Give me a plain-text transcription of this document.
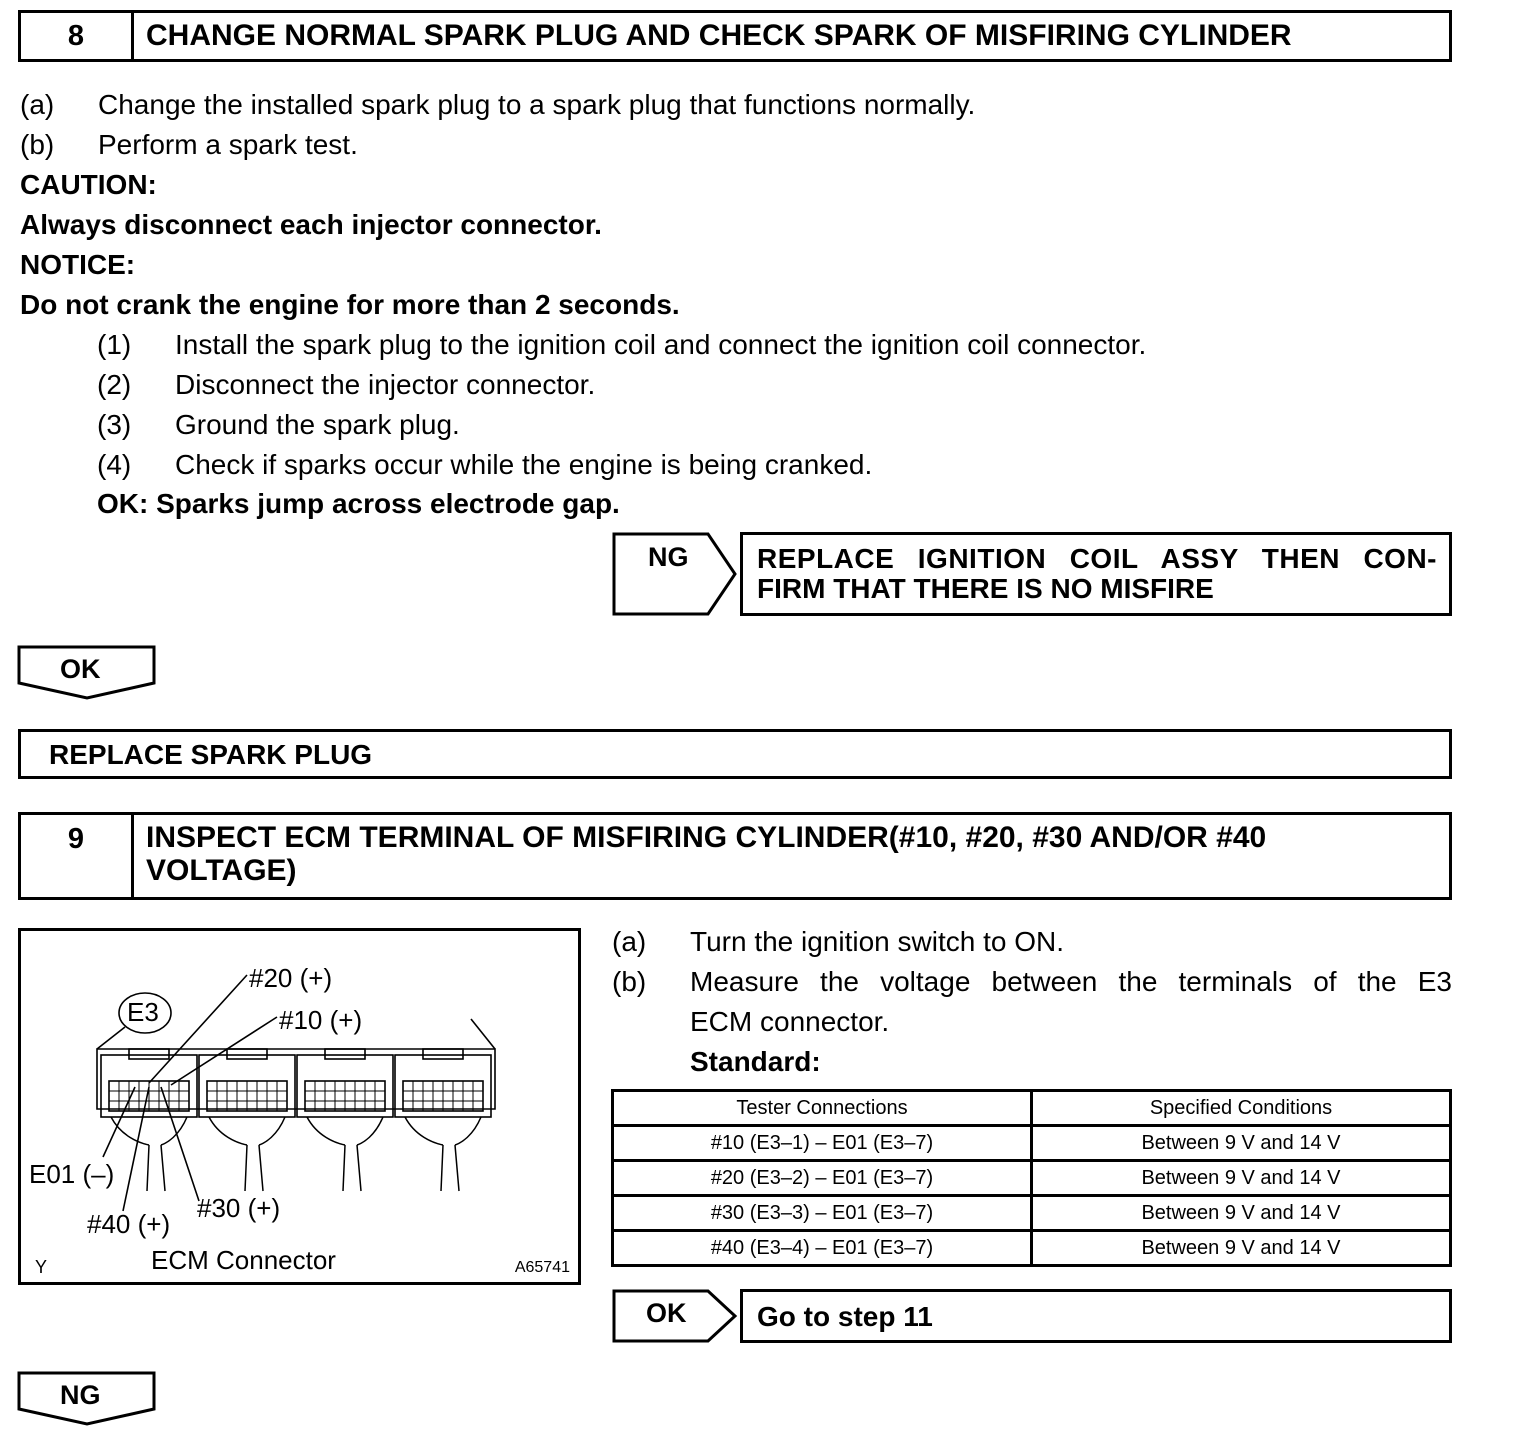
8	CHANGE NORMAL SPARK PLUG AND CHECK SPARK OF MISFIRING CYLINDER
(a) Change the installed spark plug to a spark plug that functions normally.
(b) Perform a spark test.
CAUTION:
Always disconnect each injector connector.
NOTICE:
Do not crank the engine for more than 2 seconds.
(1) Install the spark plug to the ignition coil and connect the ignition coil connector.
(2) Disconnect the injector connector.
(3) Ground the spark plug.
(4) Check if sparks occur while the engine is being cranked.
OK: Sparks jump across electrode gap.
NG REPLACE IGNITION COIL ASSY THEN CON-
FIRM THAT THERE IS NO MISFIRE
OK
REPLACE SPARK PLUG
9	INSPECT ECM TERMINAL OF MISFIRING CYLINDER(#10, #20, #30 AND/OR #40
VOLTAGE)
E3
#20 (+)
#10 (+)
E01 (–)
#40 (+)
#30 (+)
ECM Connector
Y	A65741
(a) Turn the ignition switch to ON.
(b) Measure the voltage between the terminals of the E3
ECM connector.
Standard:
Tester Connections	Specified Conditions
#10 (E3–1) – E01 (E3–7)	Between 9 V and 14 V
#20 (E3–2) – E01 (E3–7)	Between 9 V and 14 V
#30 (E3–3) – E01 (E3–7)	Between 9 V and 14 V
#40 (E3–4) – E01 (E3–7)	Between 9 V and 14 V
OK	Go to step 11
NG
